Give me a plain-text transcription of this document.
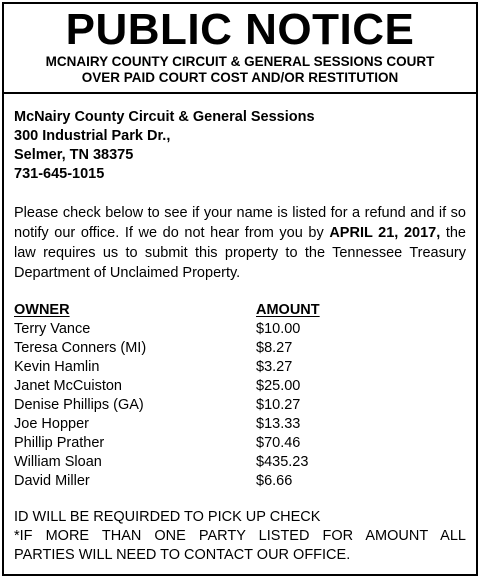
PUBLIC NOTICE
MCNAIRY COUNTY CIRCUIT & GENERAL SESSIONS COURT
OVER PAID COURT COST AND/OR RESTITUTION
McNairy County Circuit & General Sessions
300 Industrial Park Dr.,
Selmer, TN 38375
731-645-1015

Please check below to see if your name is listed for a refund and if so notify our office. If we do not hear from you by APRIL 21, 2017, the law requires us to submit this property to the Tennessee Treasury Department of Unclaimed Property.

OWNER
Terry Vance
Teresa Conners (MI)
Kevin Hamlin
Janet McCuiston
Denise Phillips (GA)
Joe Hopper
Phillip Prather
William Sloan
David Miller
AMOUNT
$10.00
$8.27
$3.27
$25.00
$10.27
$13.33
$70.46
$435.23
$6.66
ID WILL BE REQUIRDED TO PICK UP CHECK
*IF MORE THAN ONE PARTY LISTED FOR AMOUNT ALL
PARTIES WILL NEED TO CONTACT OUR OFFICE.
